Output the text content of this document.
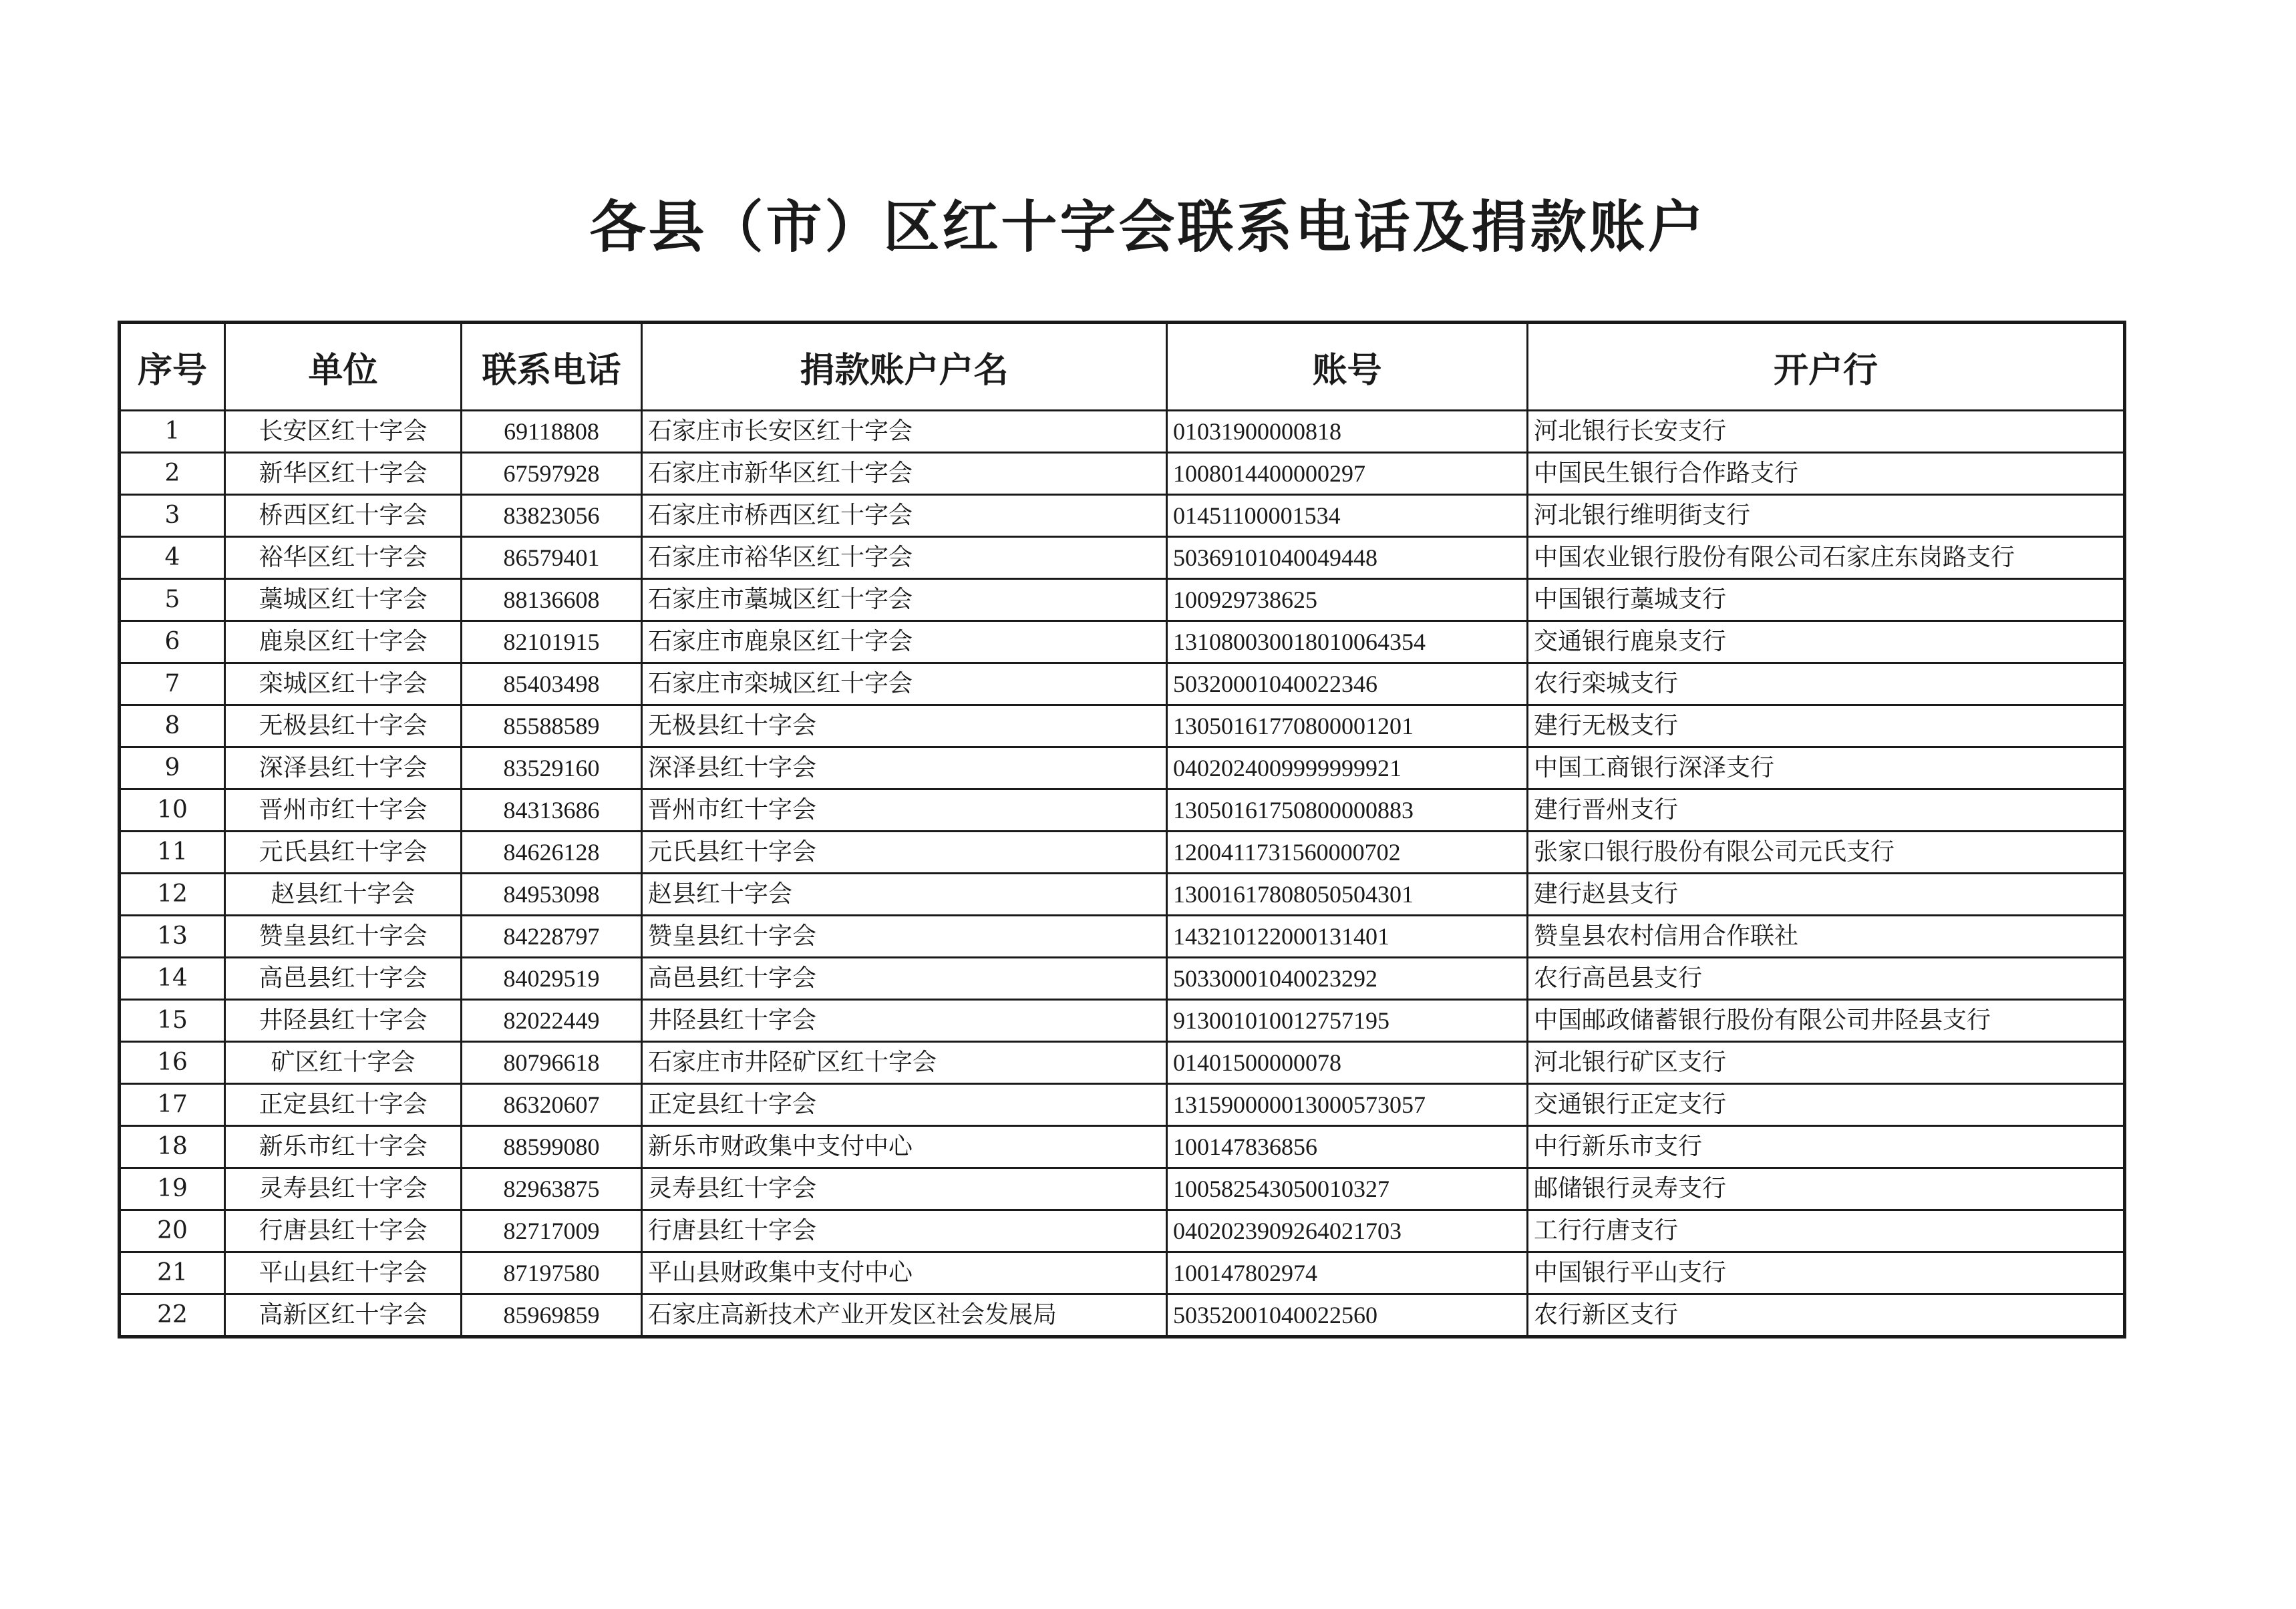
各县（市）区红十字会联系电话及捐款账户
序号	单位	联系电话	捐款账户户名	账号	开户行
1	长安区红十字会	69118808	石家庄市长安区红十字会	01031900000818	河北银行长安支行
2	新华区红十字会	67597928	石家庄市新华区红十字会	1008014400000297	中国民生银行合作路支行
3	桥西区红十字会	83823056	石家庄市桥西区红十字会	01451100001534	河北银行维明街支行
4	裕华区红十字会	86579401	石家庄市裕华区红十字会	50369101040049448	中国农业银行股份有限公司石家庄东岗路支行
5	藁城区红十字会	88136608	石家庄市藁城区红十字会	100929738625	中国银行藁城支行
6	鹿泉区红十字会	82101915	石家庄市鹿泉区红十字会	131080030018010064354	交通银行鹿泉支行
7	栾城区红十字会	85403498	石家庄市栾城区红十字会	50320001040022346	农行栾城支行
8	无极县红十字会	85588589	无极县红十字会	13050161770800001201	建行无极支行
9	深泽县红十字会	83529160	深泽县红十字会	0402024009999999921	中国工商银行深泽支行
10	晋州市红十字会	84313686	晋州市红十字会	13050161750800000883	建行晋州支行
11	元氏县红十字会	84626128	元氏县红十字会	1200411731560000702	张家口银行股份有限公司元氏支行
12	赵县红十字会	84953098	赵县红十字会	13001617808050504301	建行赵县支行
13	赞皇县红十字会	84228797	赞皇县红十字会	143210122000131401	赞皇县农村信用合作联社
14	高邑县红十字会	84029519	高邑县红十字会	50330001040023292	农行高邑县支行
15	井陉县红十字会	82022449	井陉县红十字会	913001010012757195	中国邮政储蓄银行股份有限公司井陉县支行
16	矿区红十字会	80796618	石家庄市井陉矿区红十字会	01401500000078	河北银行矿区支行
17	正定县红十字会	86320607	正定县红十字会	131590000013000573057	交通银行正定支行
18	新乐市红十字会	88599080	新乐市财政集中支付中心	100147836856	中行新乐市支行
19	灵寿县红十字会	82963875	灵寿县红十字会	100582543050010327	邮储银行灵寿支行
20	行唐县红十字会	82717009	行唐县红十字会	0402023909264021703	工行行唐支行
21	平山县红十字会	87197580	平山县财政集中支付中心	100147802974	中国银行平山支行
22	高新区红十字会	85969859	石家庄高新技术产业开发区社会发展局	50352001040022560	农行新区支行
